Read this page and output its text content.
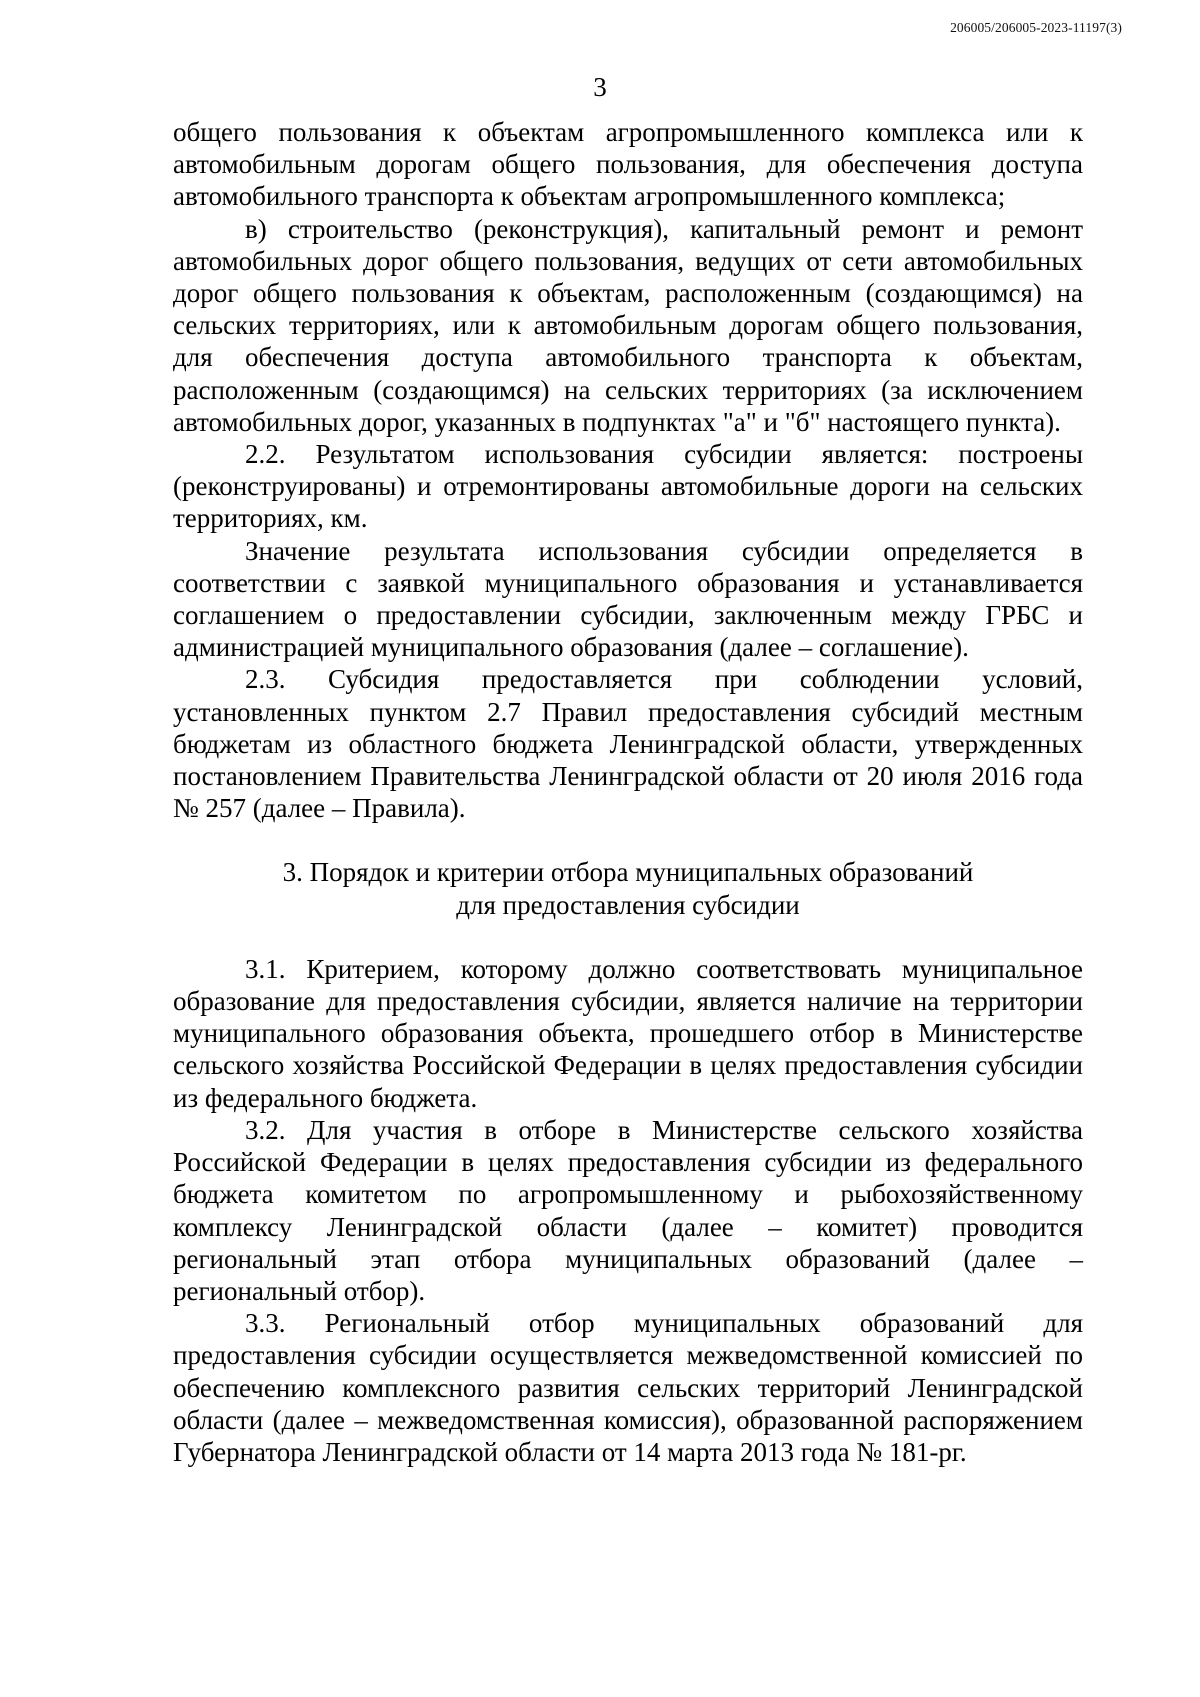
206005/206005-2023-11197(3)
3

общего пользования к объектам агропромышленного комплекса или к автомобильным дорогам общего пользования, для обеспечения доступа автомобильного транспорта к объектам агропромышленного комплекса;

в) строительство (реконструкция), капитальный ремонт и ремонт автомобильных дорог общего пользования, ведущих от сети автомобильных дорог общего пользования к объектам, расположенным (создающимся) на сельских территориях, или к автомобильным дорогам общего пользования, для обеспечения доступа автомобильного транспорта к объектам, расположенным (создающимся) на сельских территориях (за исключением автомобильных дорог, указанных в подпунктах "а" и "б" настоящего пункта).

2.2. Результатом использования субсидии является: построены (реконструированы) и отремонтированы автомобильные дороги на сельских территориях, км.

Значение результата использования субсидии определяется в соответствии с заявкой муниципального образования и устанавливается соглашением о предоставлении субсидии, заключенным между ГРБС и администрацией муниципального образования (далее – соглашение).

2.3. Субсидия предоставляется при соблюдении условий, установленных пунктом 2.7 Правил предоставления субсидий местным бюджетам из областного бюджета Ленинградской области, утвержденных постановлением Правительства Ленинградской области от 20 июля 2016 года № 257 (далее – Правила).

3. Порядок и критерии отбора муниципальных образований
для предоставления субсидии

3.1. Критерием, которому должно соответствовать муниципальное образование для предоставления субсидии, является наличие на территории муниципального образования объекта, прошедшего отбор в Министерстве сельского хозяйства Российской Федерации в целях предоставления субсидии из федерального бюджета.

3.2. Для участия в отборе в Министерстве сельского хозяйства Российской Федерации в целях предоставления субсидии из федерального бюджета комитетом по агропромышленному и рыбохозяйственному комплексу Ленинградской области (далее – комитет) проводится региональный этап отбора муниципальных образований (далее – региональный отбор).

3.3. Региональный отбор муниципальных образований для предоставления субсидии осуществляется межведомственной комиссией по обеспечению комплексного развития сельских территорий Ленинградской области (далее – межведомственная комиссия), образованной распоряжением Губернатора Ленинградской области от 14 марта 2013 года № 181-рг.
